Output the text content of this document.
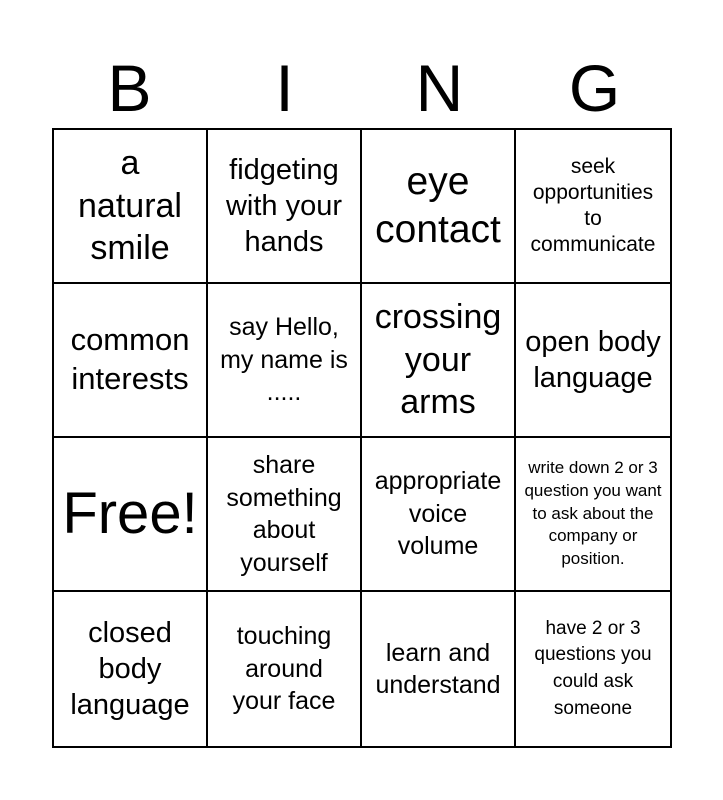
B	I	N	G
a natural smile
fidgeting with your hands
eye contact
seek opportunities to communicate
common interests
say Hello, my name is .....
crossing your arms
open body language
Free!
share something about yourself
appropriate voice volume
write down 2 or 3 question you want to ask about the company or position.
closed body language
touching around your face
learn and understand
have 2 or 3 questions you could ask someone
